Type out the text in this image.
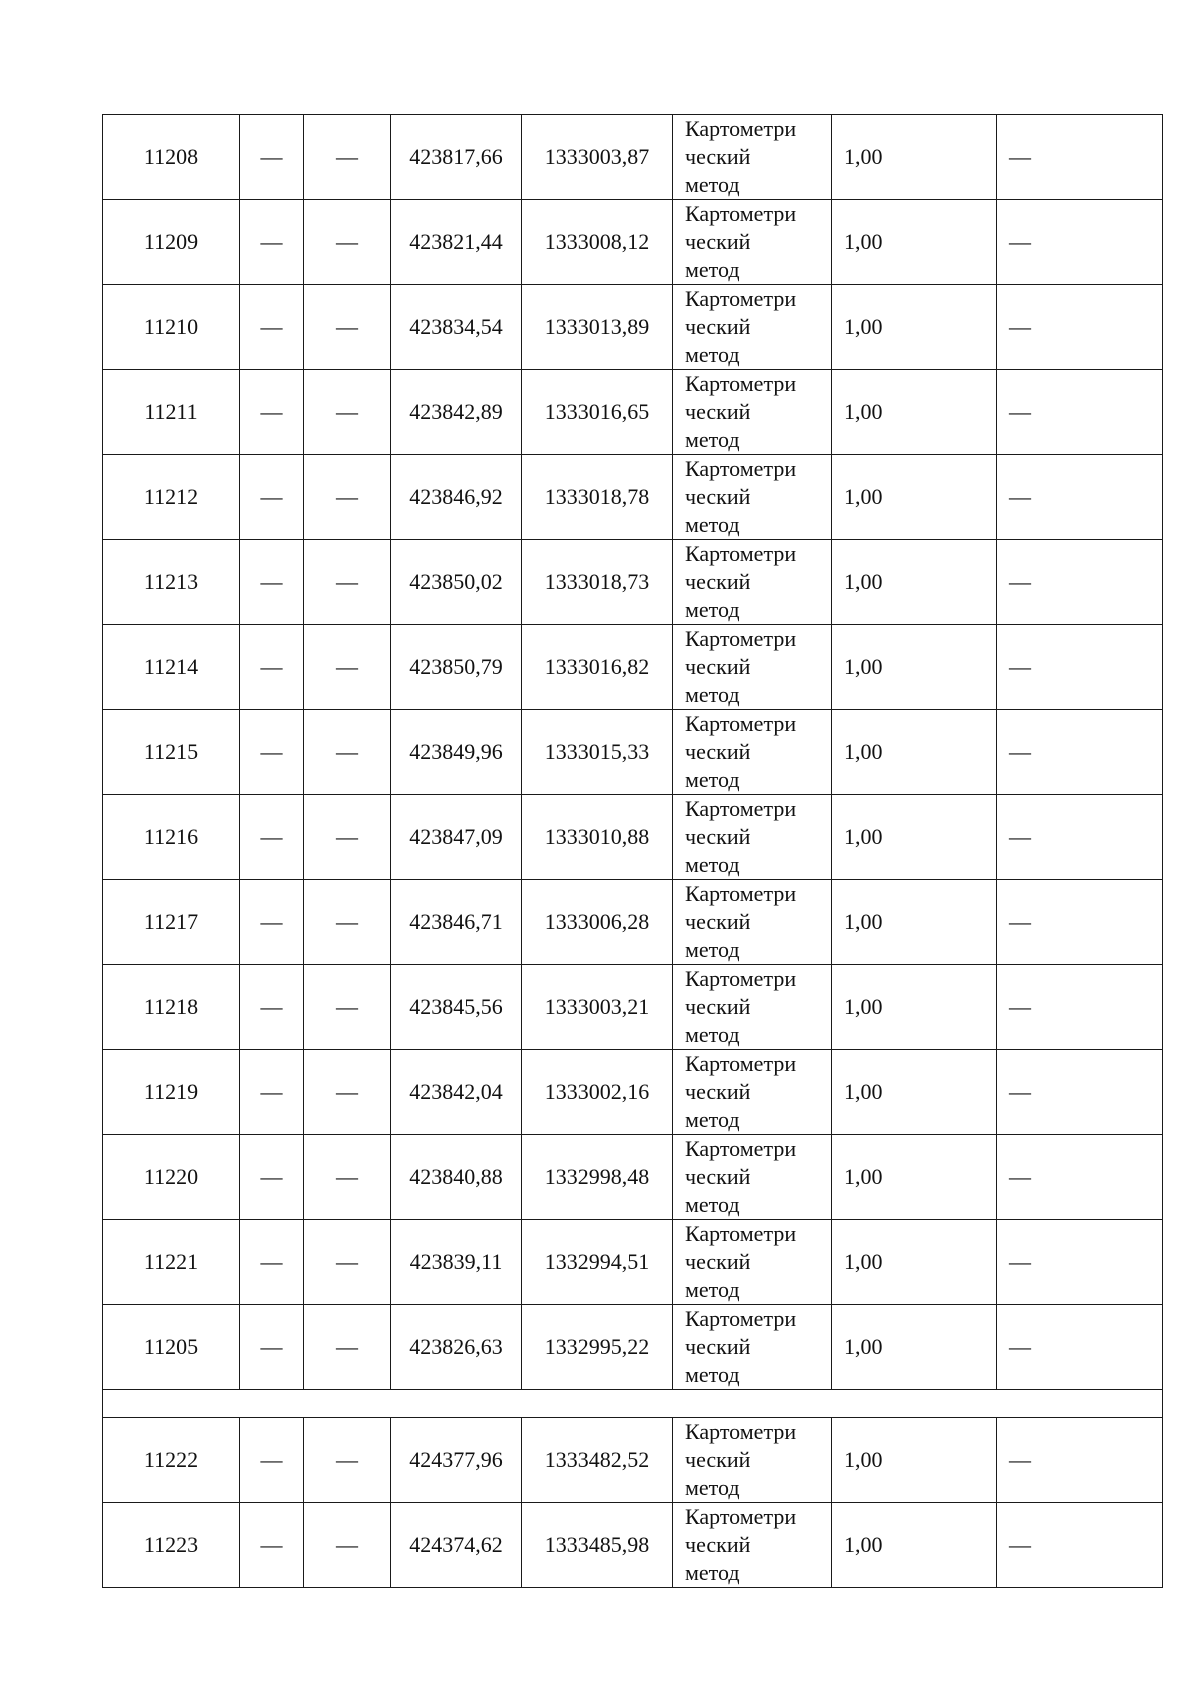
11208	—	—	423817,66	1333003,87	Картометри
ческий
метод	1,00	—
11209	—	—	423821,44	1333008,12	Картометри
ческий
метод	1,00	—
11210	—	—	423834,54	1333013,89	Картометри
ческий
метод	1,00	—
11211	—	—	423842,89	1333016,65	Картометри
ческий
метод	1,00	—
11212	—	—	423846,92	1333018,78	Картометри
ческий
метод	1,00	—
11213	—	—	423850,02	1333018,73	Картометри
ческий
метод	1,00	—
11214	—	—	423850,79	1333016,82	Картометри
ческий
метод	1,00	—
11215	—	—	423849,96	1333015,33	Картометри
ческий
метод	1,00	—
11216	—	—	423847,09	1333010,88	Картометри
ческий
метод	1,00	—
11217	—	—	423846,71	1333006,28	Картометри
ческий
метод	1,00	—
11218	—	—	423845,56	1333003,21	Картометри
ческий
метод	1,00	—
11219	—	—	423842,04	1333002,16	Картометри
ческий
метод	1,00	—
11220	—	—	423840,88	1332998,48	Картометри
ческий
метод	1,00	—
11221	—	—	423839,11	1332994,51	Картометри
ческий
метод	1,00	—
11205	—	—	423826,63	1332995,22	Картометри
ческий
метод	1,00	—

11222	—	—	424377,96	1333482,52	Картометри
ческий
метод	1,00	—
11223	—	—	424374,62	1333485,98	Картометри
ческий
метод	1,00	—
